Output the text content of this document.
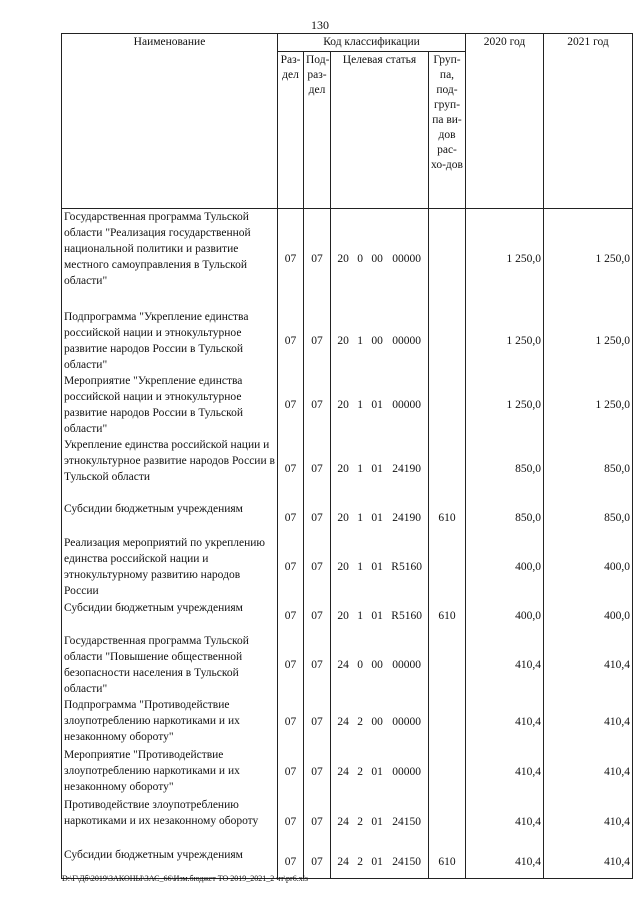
130
Наименование	Код классификации				2020 год	2021 год
	Раз-дел	Под-раз-дел	Целевая статья	Груп-па, под-груп-па ви-дов рас-хо-дов		
Государственная программа Тульской области "Реализация государственной национальной политики и развитие местного самоуправления в Тульской области"	07	07	20 0 00 00000		1 250,0	1 250,0
Подпрограмма "Укрепление единства российской нации и этнокультурное развитие народов России в Тульской области"	07	07	20 1 00 00000		1 250,0	1 250,0
Мероприятие "Укрепление единства российской нации и этнокультурное развитие народов России в Тульской области"	07	07	20 1 01 00000		1 250,0	1 250,0
Укрепление единства российской нации и этнокультурное развитие народов России в Тульской области	07	07	20 1 01 24190		850,0	850,0
Субсидии бюджетным учреждениям	07	07	20 1 01 24190	610	850,0	850,0
Реализация мероприятий по укреплению единства российской нации и этнокультурному развитию народов России	07	07	20 1 01 R5160		400,0	400,0
Субсидии бюджетным учреждениям	07	07	20 1 01 R5160	610	400,0	400,0
Государственная программа Тульской области "Повышение общественной безопасности населения в Тульской области"	07	07	24 0 00 00000		410,4	410,4
Подпрограмма "Противодействие злоупотреблению наркотиками и их незаконному обороту"	07	07	24 2 00 00000		410,4	410,4
Мероприятие "Противодействие злоупотреблению наркотиками и их незаконному обороту"	07	07	24 2 01 00000		410,4	410,4
Противодействие злоупотреблению наркотиками и их незаконному обороту	07	07	24 2 01 24150		410,4	410,4
Субсидии бюджетным учреждениям	07	07	24 2 01 24150	610	410,4	410,4
D:\Г\Дб\2019\ЗАКОНЫ\ЗАС_66\Изм.бюджет ТО 2019_2021_2 чт\pr6.xls
